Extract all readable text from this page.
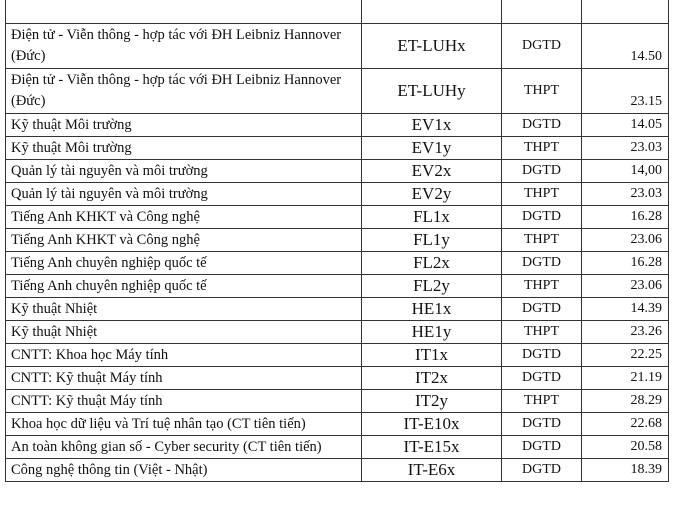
Điện tử - Viễn thông - hợp tác với ĐH Leibniz Hannover (Đức)	ET-LUHx	DGTD	14.50
Điện tử - Viễn thông - hợp tác với ĐH Leibniz Hannover (Đức)	ET-LUHy	THPT	23.15
Kỹ thuật Môi trường	EV1x	DGTD	14.05
Kỹ thuật Môi trường	EV1y	THPT	23.03
Quản lý tài nguyên và môi trường	EV2x	DGTD	14,00
Quản lý tài nguyên và môi trường	EV2y	THPT	23.03
Tiếng Anh KHKT và Công nghệ	FL1x	DGTD	16.28
Tiếng Anh KHKT và Công nghệ	FL1y	THPT	23.06
Tiếng Anh chuyên nghiệp quốc tế	FL2x	DGTD	16.28
Tiếng Anh chuyên nghiệp quốc tế	FL2y	THPT	23.06
Kỹ thuật Nhiệt	HE1x	DGTD	14.39
Kỹ thuật Nhiệt	HE1y	THPT	23.26
CNTT: Khoa học Máy tính	IT1x	DGTD	22.25
CNTT: Kỹ thuật Máy tính	IT2x	DGTD	21.19
CNTT: Kỹ thuật Máy tính	IT2y	THPT	28.29
Khoa học dữ liệu và Trí tuệ nhân tạo (CT tiên tiến)	IT-E10x	DGTD	22.68
An toàn không gian số - Cyber security (CT tiên tiến)	IT-E15x	DGTD	20.58
Công nghệ thông tin (Việt - Nhật)	IT-E6x	DGTD	18.39
